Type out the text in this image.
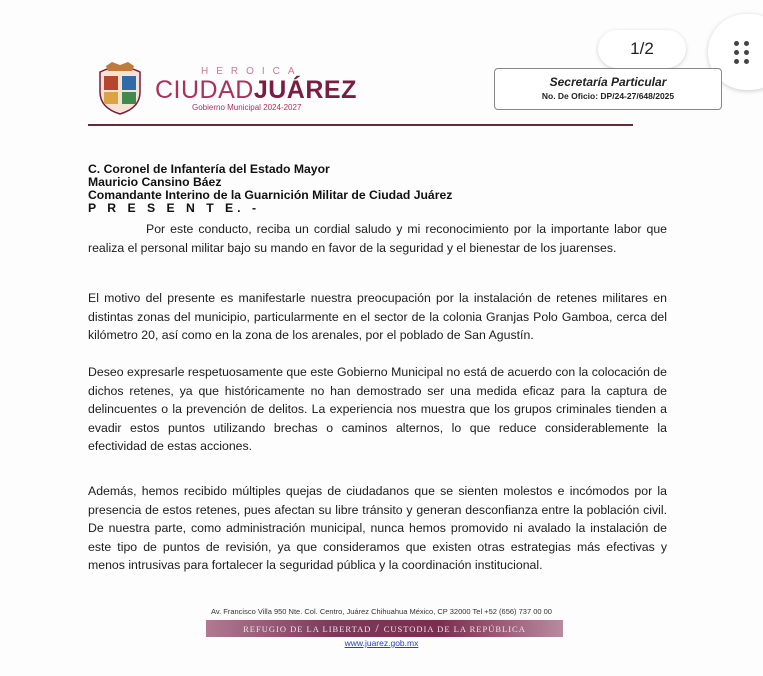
1/2
HEROICA
CIUDADJUÁREZ
Gobierno Municipal 2024-2027
Secretaría Particular
No. De Oficio: DP/24-27/648/2025
C. Coronel de Infantería del Estado Mayor
Mauricio Cansino Báez
Comandante Interino de la Guarnición Militar de Ciudad Juárez
P R E S E N T E. -
Por este conducto, reciba un cordial saludo y mi reconocimiento por la importante labor que realiza el personal militar bajo su mando en favor de la seguridad y el bienestar de los juarenses.
El motivo del presente es manifestarle nuestra preocupación por la instalación de retenes militares en distintas zonas del municipio, particularmente en el sector de la colonia Granjas Polo Gamboa, cerca del kilómetro 20, así como en la zona de los arenales, por el poblado de San Agustín.
Deseo expresarle respetuosamente que este Gobierno Municipal no está de acuerdo con la colocación de dichos retenes, ya que históricamente no han demostrado ser una medida eficaz para la captura de delincuentes o la prevención de delitos. La experiencia nos muestra que los grupos criminales tienden a evadir estos puntos utilizando brechas o caminos alternos, lo que reduce considerablemente la efectividad de estas acciones.
Además, hemos recibido múltiples quejas de ciudadanos que se sienten molestos e incómodos por la presencia de estos retenes, pues afectan su libre tránsito y generan desconfianza entre la población civil. De nuestra parte, como administración municipal, nunca hemos promovido ni avalado la instalación de este tipo de puntos de revisión, ya que consideramos que existen otras estrategias más efectivas y menos intrusivas para fortalecer la seguridad pública y la coordinación institucional.
Av. Francisco Villa 950 Nte. Col. Centro, Juárez Chihuahua México, CP 32000 Tel +52 (656) 737 00 00
REFUGIO DE LA LIBERTAD / CUSTODIA DE LA REPÚBLICA
www.juarez.gob.mx
